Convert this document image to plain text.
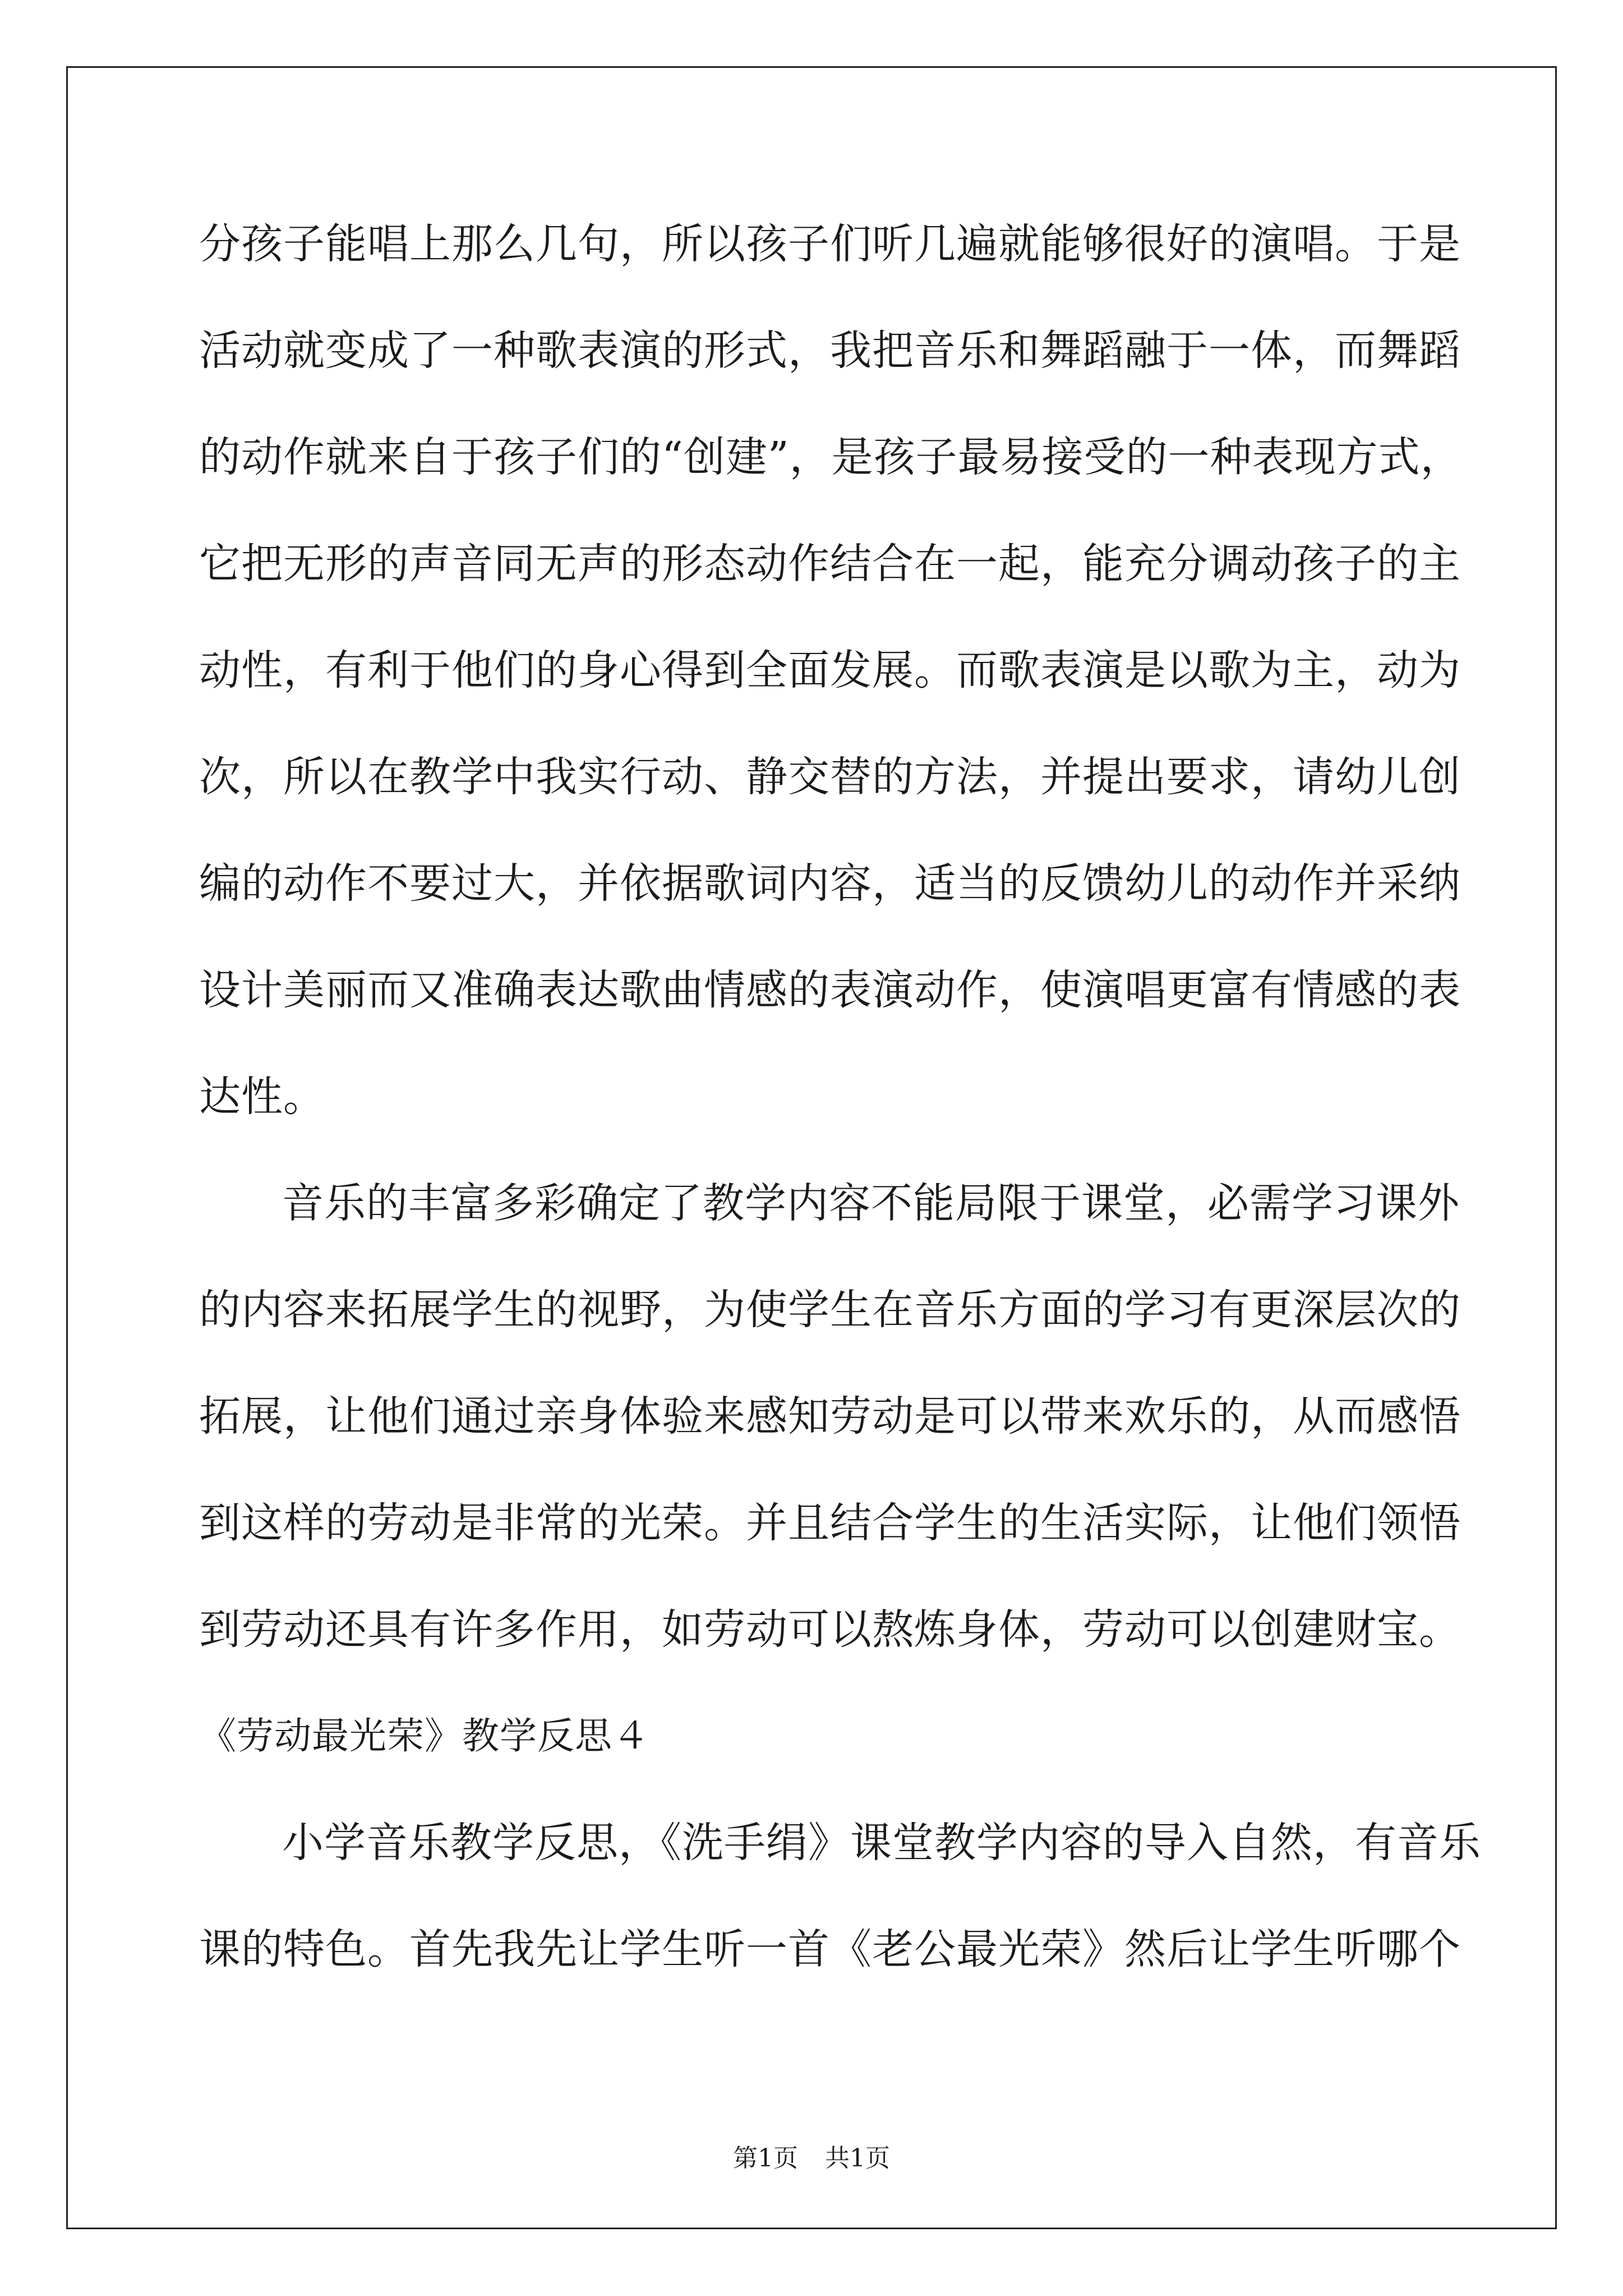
分孩子能唱上那么几句，所以孩子们听几遍就能够很好的演唱。于是
活动就变成了一种歌表演的形式，我把音乐和舞蹈融于一体，而舞蹈
的动作就来自于孩子们的“创建”，是孩子最易接受的一种表现方式，
它把无形的声音同无声的形态动作结合在一起，能充分调动孩子的主
动性，有利于他们的身心得到全面发展。而歌表演是以歌为主，动为
次，所以在教学中我实行动、静交替的方法，并提出要求，请幼儿创
编的动作不要过大，并依据歌词内容，适当的反馈幼儿的动作并采纳
设计美丽而又准确表达歌曲情感的表演动作，使演唱更富有情感的表
达性。
音乐的丰富多彩确定了教学内容不能局限于课堂，必需学习课外
的内容来拓展学生的视野，为使学生在音乐方面的学习有更深层次的
拓展，让他们通过亲身体验来感知劳动是可以带来欢乐的，从而感悟
到这样的劳动是非常的光荣。并且结合学生的生活实际，让他们领悟
到劳动还具有许多作用，如劳动可以熬炼身体，劳动可以创建财宝。
《劳动最光荣》教学反思４
小学音乐教学反思，《洗手绢》课堂教学内容的导入自然，有音乐
课的特色。首先我先让学生听一首《老公最光荣》然后让学生听哪个
第1页 共1页
